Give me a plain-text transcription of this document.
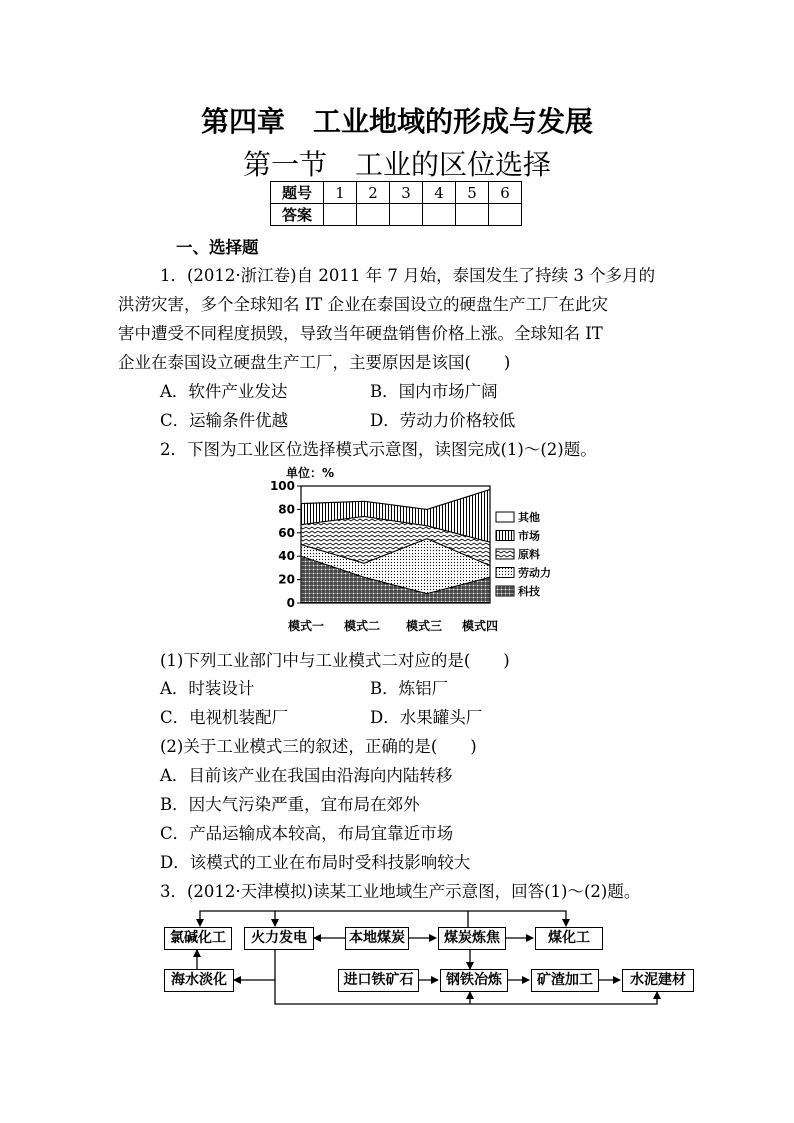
第四章　工业地域的形成与发展
第一节　工业的区位选择
题号	1	2	3	4	5	6
答案						
一、选择题
1．(2012·浙江卷)自 2011 年 7 月始，泰国发生了持续 3 个多月的
洪涝灾害，多个全球知名 IT 企业在泰国设立的硬盘生产工厂在此灾
害中遭受不同程度损毁，导致当年硬盘销售价格上涨。全球知名 IT
企业在泰国设立硬盘生产工厂，主要原因是该国(　　)
A．软件产业发达	B．国内市场广阔
C．运输条件优越	D．劳动力价格较低
2．下图为工业区位选择模式示意图，读图完成(1)～(2)题。
单位：%
0
20
40
60
80
100
模式一 模式二 模式三 模式四
其他
市场
原料
劳动力
科技
(1)下列工业部门中与工业模式二对应的是(　　)
A．时装设计	B．炼铝厂
C．电视机装配厂	D．水果罐头厂
(2)关于工业模式三的叙述，正确的是(　　)
A．目前该产业在我国由沿海向内陆转移
B．因大气污染严重，宜布局在郊外
C．产品运输成本较高，布局宜靠近市场
D．该模式的工业在布局时受科技影响较大
3．(2012·天津模拟)读某工业地域生产示意图，回答(1)～(2)题。
氯碱化工	火力发电	本地煤炭	煤炭炼焦	煤化工
海水淡化	进口铁矿石	钢铁冶炼	矿渣加工	水泥建材
